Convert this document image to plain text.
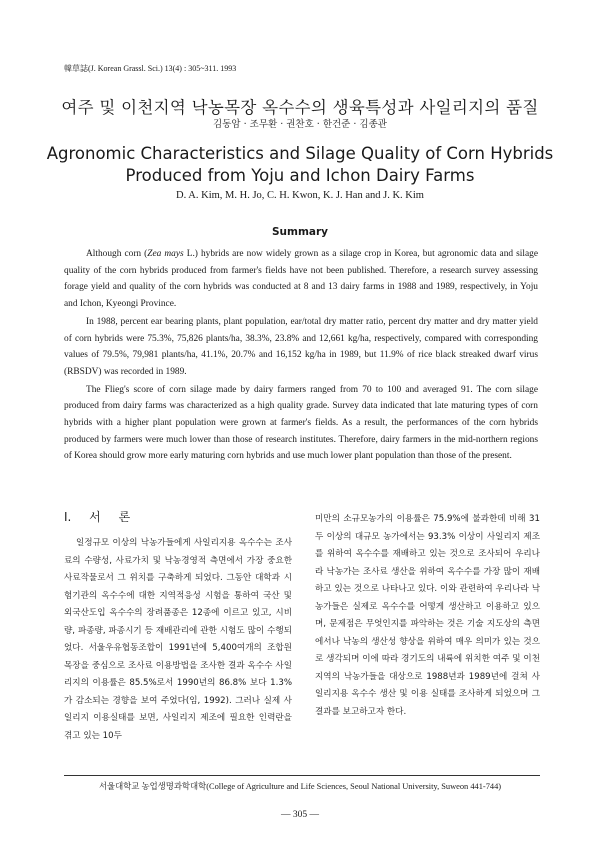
韓草誌(J. Korean Grassl. Sci.) 13(4) : 305~311. 1993
여주 및 이천지역 낙농목장 옥수수의 생육특성과 사일리지의 품질
김동암 · 조무환 · 권찬호 · 한건준 · 김종관
Agronomic Characteristics and Silage Quality of Corn Hybrids
Produced from Yoju and Ichon Dairy Farms
D. A. Kim, M. H. Jo, C. H. Kwon, K. J. Han and J. K. Kim
Summary

Although corn (Zea mays L.) hybrids are now widely grown as a silage crop in Korea, but agronomic data and silage quality of the corn hybrids produced from farmer's fields have not been published. Therefore, a research survey assessing forage yield and quality of the corn hybrids was conducted at 8 and 13 dairy farms in 1988 and 1989, respectively, in Yoju and Ichon, Kyeongi Province.

In 1988, percent ear bearing plants, plant population, ear/total dry matter ratio, percent dry matter and dry matter yield of corn hybrids were 75.3%, 75,826 plants/ha, 38.3%, 23.8% and 12,661 kg/ha, respectively, compared with corresponding values of 79.5%, 79,981 plants/ha, 41.1%, 20.7% and 16,152 kg/ha in 1989, but 11.9% of rice black streaked dwarf virus (RBSDV) was recorded in 1989.

The Flieg's score of corn silage made by dairy farmers ranged from 70 to 100 and averaged 91. The corn silage produced from dairy farms was characterized as a high quality grade. Survey data indicated that late maturing types of corn hybrids with a higher plant population were grown at farmer's fields. As a result, the performances of the corn hybrids produced by farmers were much lower than those of research institutes. Therefore, dairy farmers in the mid-northern regions of Korea should grow more early maturing corn hybrids and use much lower plant population than those of the present.

I. 서 론

일정규모 이상의 낙농가들에게 사일리지용 옥수수는 조사료의 수량성, 사료가치 및 낙농경영적 측면에서 가장 중요한 사료작물로서 그 위치를 구축하게 되었다. 그동안 대학과 시험기관의 옥수수에 대한 지역적응성 시험을 통하여 국산 및 외국산도입 옥수수의 장려품종은 12종에 이르고 있고, 시비량, 파종량, 파종시기 등 재배관리에 관한 시험도 많이 수행되었다. 서울우유협동조합이 1991년에 5,400여개의 조합원 목장을 중심으로 조사료 이용방법을 조사한 결과 옥수수 사일리지의 이용률은 85.5%로서 1990년의 86.8% 보다 1.3%가 감소되는 경향을 보여 주었다(임, 1992). 그러나 실제 사일리지 이용실태를 보면, 사일리지 제조에 필요한 인력란을 겪고 있는 10두

미만의 소규모농가의 이용률은 75.9%에 불과한데 비해 31두 이상의 대규모 농가에서는 93.3% 이상이 사일리지 제조를 위하여 옥수수를 재배하고 있는 것으로 조사되어 우리나라 낙농가는 조사료 생산을 위하여 옥수수를 가장 많이 재배하고 있는 것으로 나타나고 있다. 이와 관련하여 우리나라 낙농가들은 실제로 옥수수를 어떻게 생산하고 이용하고 있으며, 문제점은 무엇인지를 파악하는 것은 기술 지도상의 측면에서나 낙농의 생산성 향상을 위하여 매우 의미가 있는 것으로 생각되며 이에 따라 경기도의 내륙에 위치한 여주 및 이천지역의 낙농가들을 대상으로 1988년과 1989년에 걸쳐 사일리지용 옥수수 생산 및 이용 실태를 조사하게 되었으며 그 결과를 보고하고자 한다.

서울대학교 농업생명과학대학(College of Agriculture and Life Sciences, Seoul National University, Suweon 441-744)
— 305 —
